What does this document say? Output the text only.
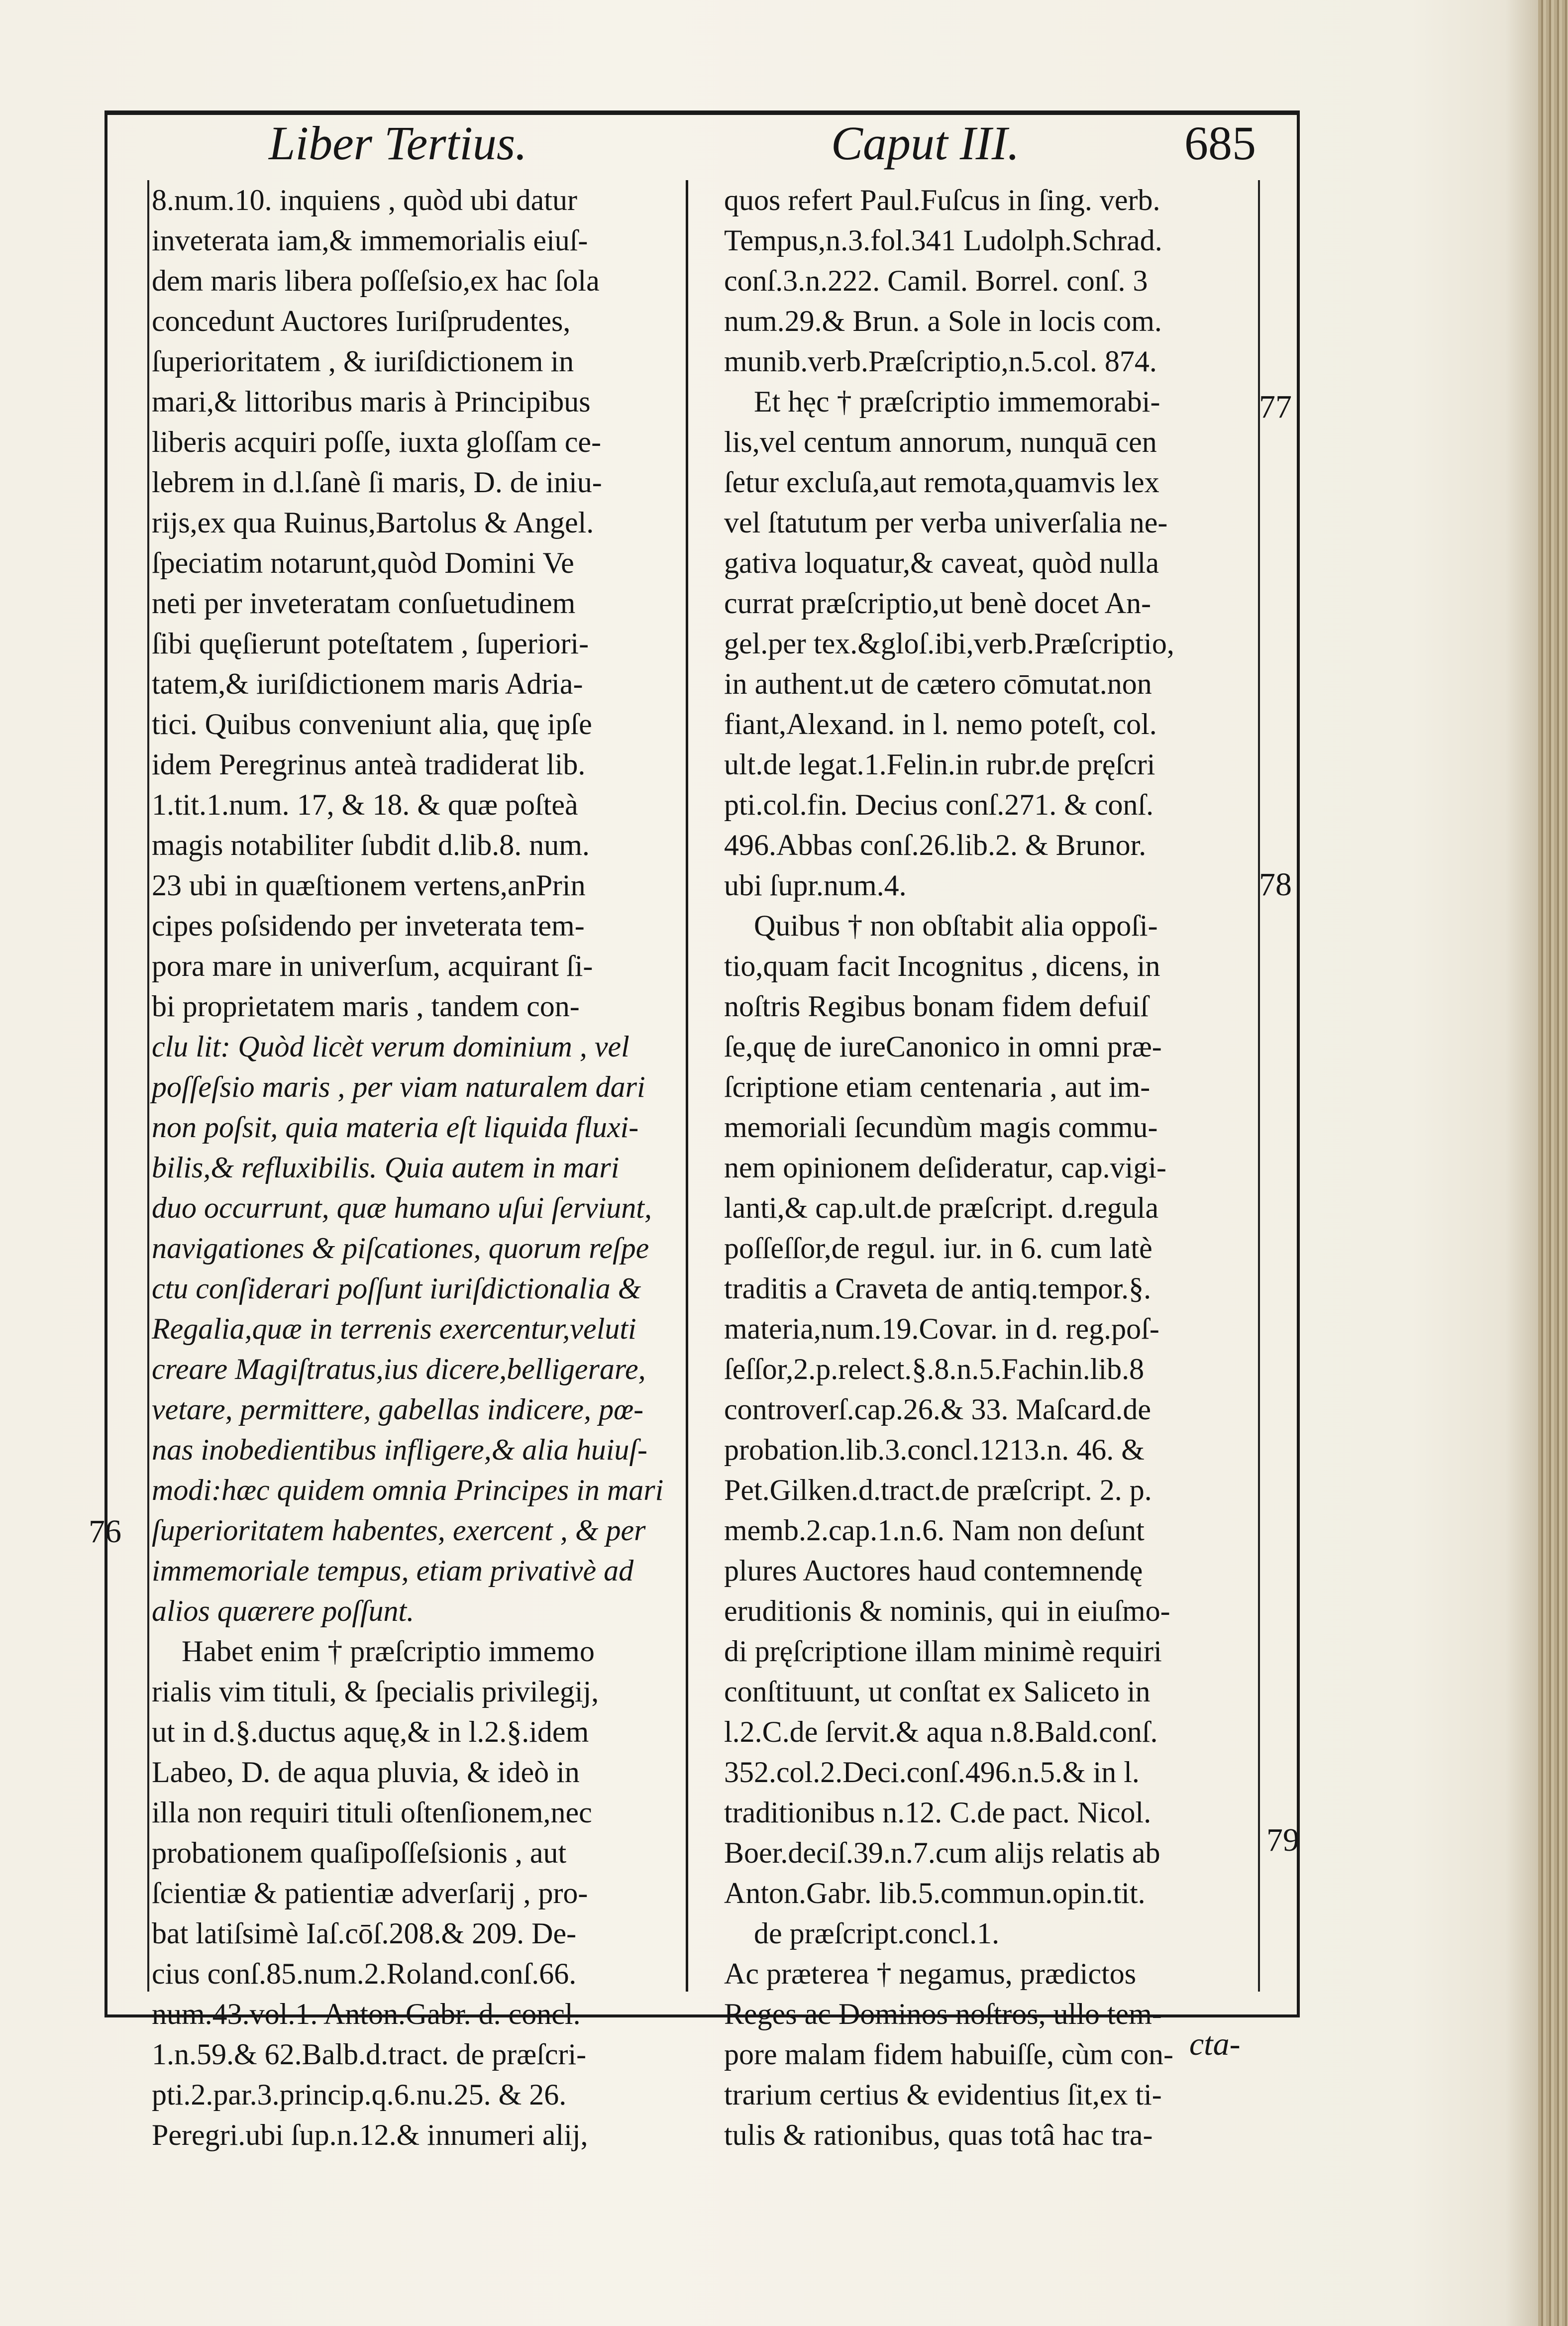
Liber Tertius.	Caput III.	685
8.num.10. inquiens , quòd ubi datur
inveterata iam,& immemorialis eiuſ-
dem maris libera poſſeſsio,ex hac ſola
concedunt Auctores Iuriſprudentes,
ſuperioritatem , & iuriſdictionem in
mari,& littoribus maris à Principibus
liberis acquiri poſſe, iuxta gloſſam ce-
lebrem in d.l.ſanè ſi maris, D. de iniu-
rijs,ex qua Ruinus,Bartolus & Angel.
ſpeciatim notarunt,quòd Domini Ve
neti per inveteratam conſuetudinem
ſibi quęſierunt poteſtatem , ſuperiori-
tatem,& iuriſdictionem maris Adria-
tici. Quibus conveniunt alia, quę ipſe
idem Peregrinus anteà tradiderat lib.
1.tit.1.num. 17, & 18. & quæ poſteà
magis notabiliter ſubdit d.lib.8. num.
23 ubi in quæſtionem vertens,anPrin
cipes poſsidendo per inveterata tem-
pora mare in univerſum, acquirant ſi-
bi proprietatem maris , tandem con-
clu lit: Quòd licèt verum dominium , vel
poſſeſsio maris , per viam naturalem dari
non poſsit, quia materia eſt liquida fluxi-
bilis,& refluxibilis. Quia autem in mari
duo occurrunt, quæ humano uſui ſerviunt,
navigationes & piſcationes, quorum reſpe
ctu conſiderari poſſunt iuriſdictionalia &
Regalia,quæ in terrenis exercentur,veluti
creare Magiſtratus,ius dicere,belligerare,
vetare, permittere, gabellas indicere, pœ-
nas inobedientibus infligere,& alia huiuſ-
modi:hæc quidem omnia Principes in mari
ſuperioritatem habentes, exercent , & per
immemoriale tempus, etiam privativè ad
alios quærere poſſunt.
Habet enim † præſcriptio immemo
rialis vim tituli, & ſpecialis privilegij,
ut in d.§.ductus aquę,& in l.2.§.idem
Labeo, D. de aqua pluvia, & ideò in
illa non requiri tituli oſtenſionem,nec
probationem quaſipoſſeſsionis , aut
ſcientiæ & patientiæ adverſarij , pro-
bat latiſsimè Iaſ.cōſ.208.& 209. De-
cius conſ.85.num.2.Roland.conſ.66.
num.43.vol.1. Anton.Gabr. d. concl.
1.n.59.& 62.Balb.d.tract. de præſcri-
pti.2.par.3.princip.q.6.nu.25. & 26.
Peregri.ubi ſup.n.12.& innumeri alij,
quos refert Paul.Fuſcus in ſing. verb.
Tempus,n.3.fol.341 Ludolph.Schrad.
conſ.3.n.222. Camil. Borrel. conſ. 3
num.29.& Brun. a Sole in locis com.
munib.verb.Præſcriptio,n.5.col. 874.
Et hęc † præſcriptio immemorabi-
lis,vel centum annorum, nunquā cen
ſetur excluſa,aut remota,quamvis lex
vel ſtatutum per verba univerſalia ne-
gativa loquatur,& caveat, quòd nulla
currat præſcriptio,ut benè docet An-
gel.per tex.&gloſ.ibi,verb.Præſcriptio,
in authent.ut de cætero cōmutat.non
fiant,Alexand. in l. nemo poteſt, col.
ult.de legat.1.Felin.in rubr.de pręſcri
pti.col.fin. Decius conſ.271. & conſ.
496.Abbas conſ.26.lib.2. & Brunor.
ubi ſupr.num.4.
Quibus † non obſtabit alia oppoſi-
tio,quam facit Incognitus , dicens, in
noſtris Regibus bonam fidem defuiſ
ſe,quę de iureCanonico in omni præ-
ſcriptione etiam centenaria , aut im-
memoriali ſecundùm magis commu-
nem opinionem deſideratur, cap.vigi-
lanti,& cap.ult.de præſcript. d.regula
poſſeſſor,de regul. iur. in 6. cum latè
traditis a Craveta de antiq.tempor.§.
materia,num.19.Covar. in d. reg.poſ-
ſeſſor,2.p.relect.§.8.n.5.Fachin.lib.8
controverſ.cap.26.& 33. Maſcard.de
probation.lib.3.concl.1213.n. 46. &
Pet.Gilken.d.tract.de præſcript. 2. p.
memb.2.cap.1.n.6. Nam non deſunt
plures Auctores haud contemnendę
eruditionis & nominis, qui in eiuſmo-
di pręſcriptione illam minimè requiri
conſtituunt, ut conſtat ex Saliceto in
l.2.C.de ſervit.& aqua n.8.Bald.conſ.
352.col.2.Deci.conſ.496.n.5.& in l.
traditionibus n.12. C.de pact. Nicol.
Boer.deciſ.39.n.7.cum alijs relatis ab
Anton.Gabr. lib.5.commun.opin.tit.
de præſcript.concl.1.
Ac præterea † negamus, prædictos
Reges ac Dominos noſtros, ullo tem-
pore malam fidem habuiſſe, cùm con-
trarium certius & evidentius ſit,ex ti-
tulis & rationibus, quas totâ hac tra-
76
77
78
79
cta-
